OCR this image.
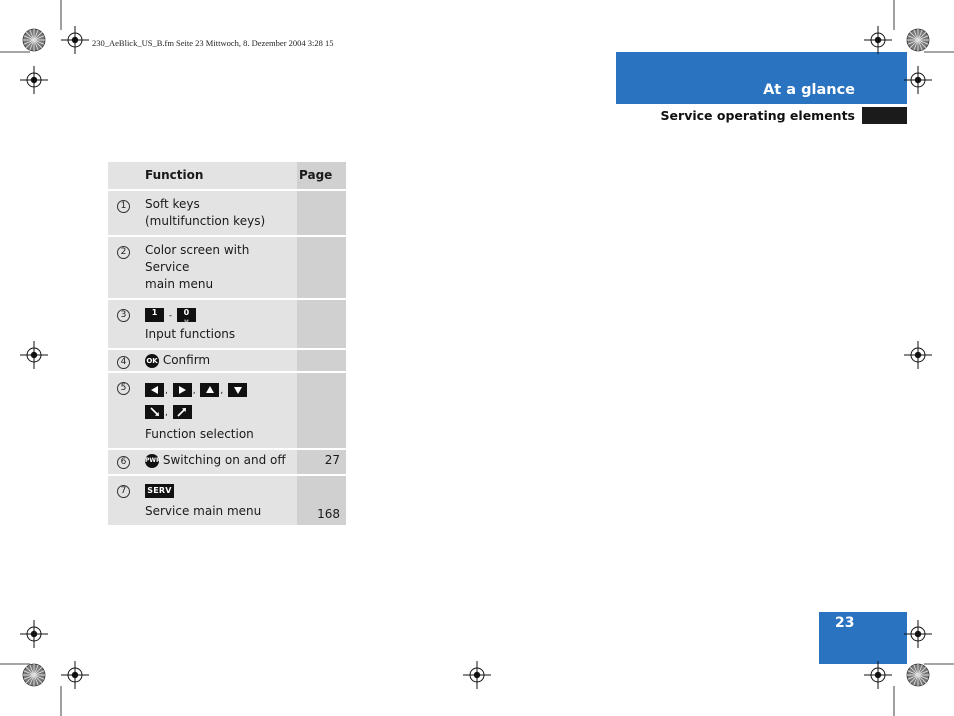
230_AeBlick_US_B.fm Seite 23 Mittwoch, 8. Dezember 2004 3:28 15
At a glance
Service operating elements
23
	Function	Page
1	Soft keys
(multifunction keys)	
2	Color screen with Service
main menu	
3	1 - 0
␣
Input functions	

4	OK Confirm	
5	, , ,
,
Function selection	

6	PWR Switching on and off	27
7	SERV
Service main menu	168
